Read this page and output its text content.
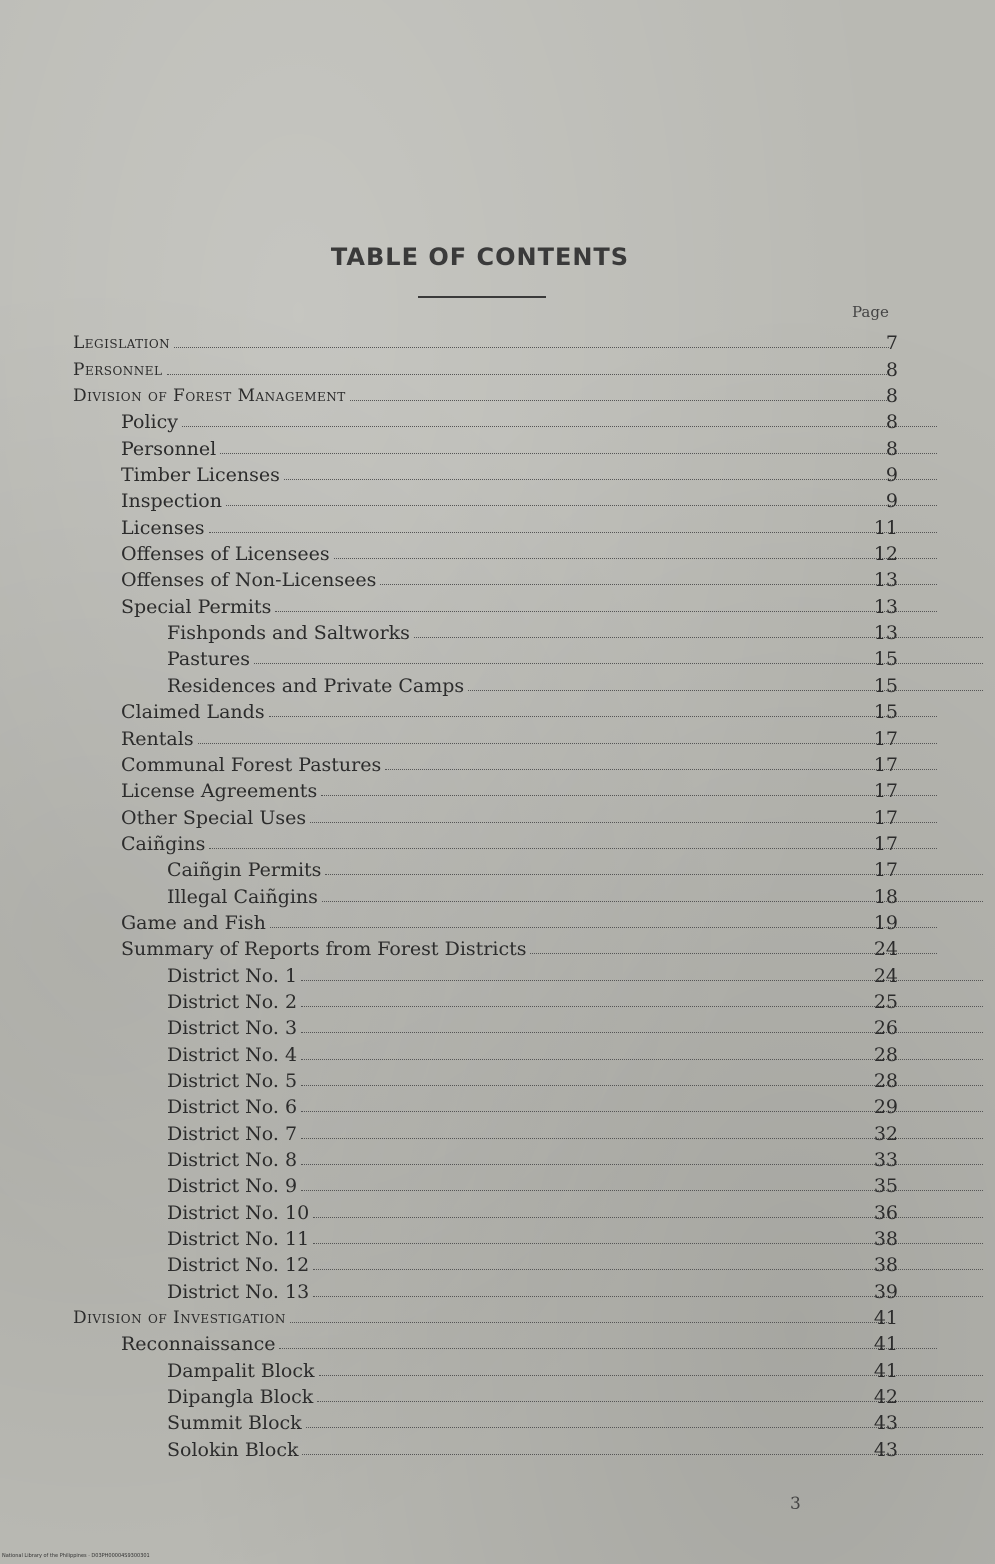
TABLE OF CONTENTS
Page
Legislation	7
Personnel	8
Division of Forest Management	8
Policy	8
Personnel	8
Timber Licenses	9
Inspection	9
Licenses	11
Offenses of Licensees	12
Offenses of Non-Licensees	13
Special Permits	13
Fishponds and Saltworks	13
Pastures	15
Residences and Private Camps	15
Claimed Lands	15
Rentals	17
Communal Forest Pastures	17
License Agreements	17
Other Special Uses	17
Caiñgins	17
Caiñgin Permits	17
Illegal Caiñgins	18
Game and Fish	19
Summary of Reports from Forest Districts	24
District No. 1	24
District No. 2	25
District No. 3	26
District No. 4	28
District No. 5	28
District No. 6	29
District No. 7	32
District No. 8	33
District No. 9	35
District No. 10	36
District No. 11	38
District No. 12	38
District No. 13	39
Division of Investigation	41
Reconnaissance	41
Dampalit Block	41
Dipangla Block	42
Summit Block	43
Solokin Block	43
3
National Library of the Philippines · D03PH00004S9300301
